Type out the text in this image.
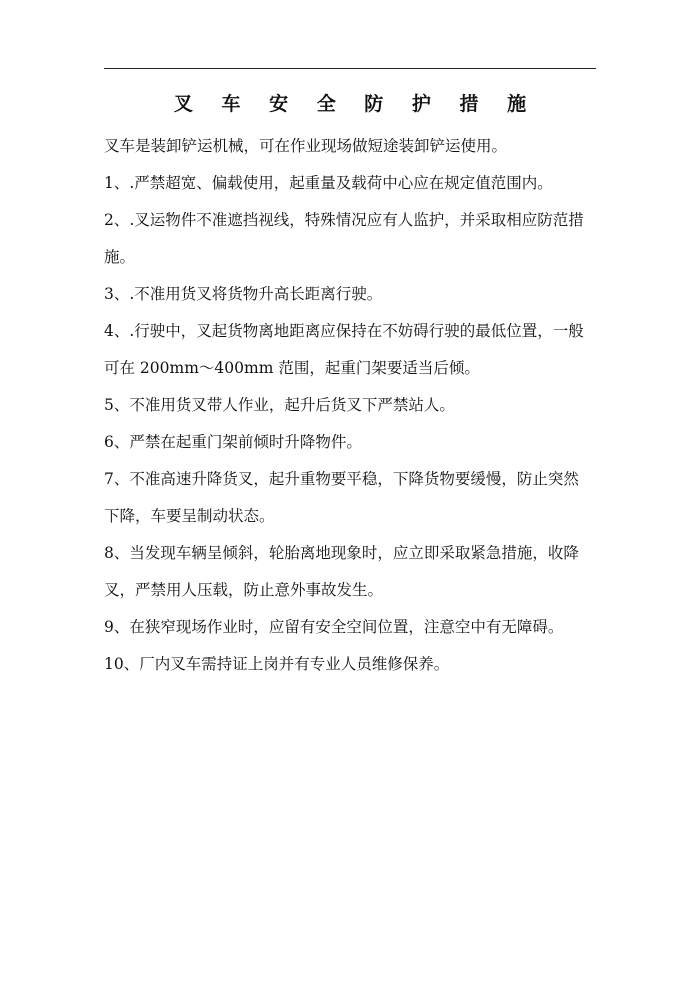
叉 车 安 全 防 护 措 施

叉车是装卸铲运机械，可在作业现场做短途装卸铲运使用。

1、.严禁超宽、偏载使用，起重量及载荷中心应在规定值范围内。

2、.叉运物件不准遮挡视线，特殊情况应有人监护，并采取相应防范措施。

3、.不准用货叉将货物升高长距离行驶。

4、.行驶中，叉起货物离地距离应保持在不妨碍行驶的最低位置，一般可在 200mm～400mm 范围，起重门架要适当后倾。

5、不准用货叉带人作业，起升后货叉下严禁站人。

6、严禁在起重门架前倾时升降物件。

7、不准高速升降货叉，起升重物要平稳，下降货物要缓慢，防止突然 下降，车要呈制动状态。

8、当发现车辆呈倾斜，轮胎离地现象时，应立即采取紧急措施，收降叉，严禁用人压载，防止意外事故发生。

9、在狭窄现场作业时，应留有安全空间位置，注意空中有无障碍。

10、厂内叉车需持证上岗并有专业人员维修保养。
